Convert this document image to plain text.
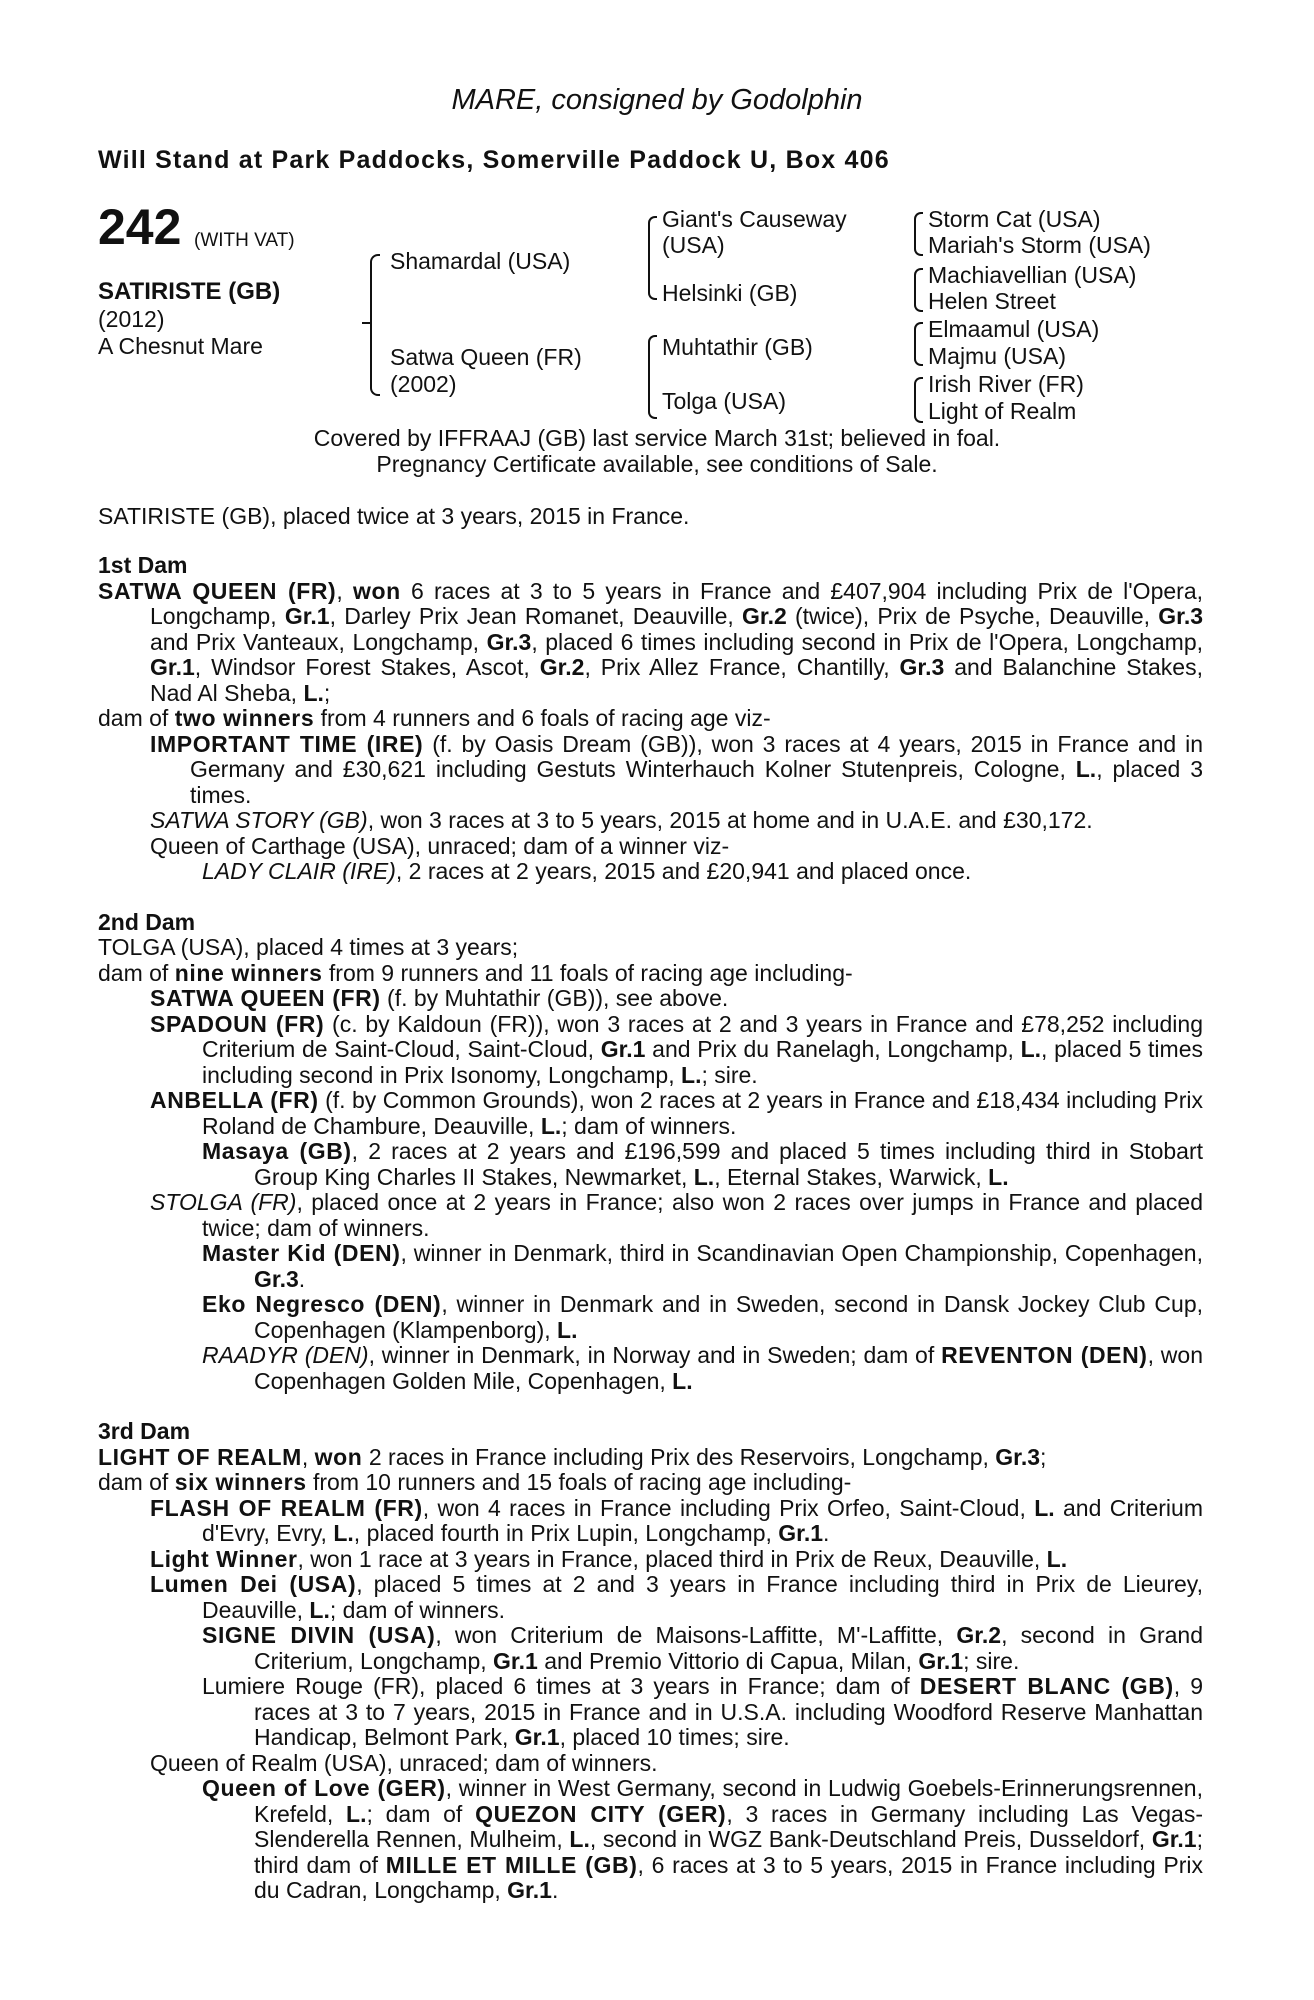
MARE, consigned by Godolphin
Will Stand at Park Paddocks, Somerville Paddock U, Box 406
242 (WITH VAT)
SATIRISTE (GB)
(2012)
A Chesnut Mare
Shamardal (USA)
Satwa Queen (FR)
(2002)
Giant's Causeway
(USA)
Helsinki (GB)
Muhtathir (GB)
Tolga (USA)
Storm Cat (USA)
Mariah's Storm (USA)
Machiavellian (USA)
Helen Street
Elmaamul (USA)
Majmu (USA)
Irish River (FR)
Light of Realm
Covered by IFFRAAJ (GB) last service March 31st; believed in foal.
Pregnancy Certificate available, see conditions of Sale.
SATIRISTE (GB), placed twice at 3 years, 2015 in France.
1st Dam

SATWA QUEEN (FR), won 6 races at 3 to 5 years in France and £407,904 including Prix de l'Opera, Longchamp, Gr.1, Darley Prix Jean Romanet, Deauville, Gr.2 (twice), Prix de Psyche, Deauville, Gr.3 and Prix Vanteaux, Longchamp, Gr.3, placed 6 times including second in Prix de l'Opera, Longchamp, Gr.1, Windsor Forest Stakes, Ascot, Gr.2, Prix Allez France, Chantilly, Gr.3 and Balanchine Stakes, Nad Al Sheba, L.;

dam of two winners from 4 runners and 6 foals of racing age viz-

IMPORTANT TIME (IRE) (f. by Oasis Dream (GB)), won 3 races at 4 years, 2015 in France and in Germany and £30,621 including Gestuts Winterhauch Kolner Stutenpreis, Cologne, L., placed 3 times.

SATWA STORY (GB), won 3 races at 3 to 5 years, 2015 at home and in U.A.E. and £30,172.

Queen of Carthage (USA), unraced; dam of a winner viz-

LADY CLAIR (IRE), 2 races at 2 years, 2015 and £20,941 and placed once.

2nd Dam

TOLGA (USA), placed 4 times at 3 years;

dam of nine winners from 9 runners and 11 foals of racing age including-

SATWA QUEEN (FR) (f. by Muhtathir (GB)), see above.

SPADOUN (FR) (c. by Kaldoun (FR)), won 3 races at 2 and 3 years in France and £78,252 including Criterium de Saint-Cloud, Saint-Cloud, Gr.1 and Prix du Ranelagh, Longchamp, L., placed 5 times including second in Prix Isonomy, Longchamp, L.; sire.

ANBELLA (FR) (f. by Common Grounds), won 2 races at 2 years in France and £18,434 including Prix Roland de Chambure, Deauville, L.; dam of winners.

Masaya (GB), 2 races at 2 years and £196,599 and placed 5 times including third in Stobart Group King Charles II Stakes, Newmarket, L., Eternal Stakes, Warwick, L.

STOLGA (FR), placed once at 2 years in France; also won 2 races over jumps in France and placed twice; dam of winners.

Master Kid (DEN), winner in Denmark, third in Scandinavian Open Championship, Copenhagen, Gr.3.

Eko Negresco (DEN), winner in Denmark and in Sweden, second in Dansk Jockey Club Cup, Copenhagen (Klampenborg), L.

RAADYR (DEN), winner in Denmark, in Norway and in Sweden; dam of REVENTON (DEN), won Copenhagen Golden Mile, Copenhagen, L.

3rd Dam

LIGHT OF REALM, won 2 races in France including Prix des Reservoirs, Longchamp, Gr.3;

dam of six winners from 10 runners and 15 foals of racing age including-

FLASH OF REALM (FR), won 4 races in France including Prix Orfeo, Saint-Cloud, L. and Criterium d'Evry, Evry, L., placed fourth in Prix Lupin, Longchamp, Gr.1.

Light Winner, won 1 race at 3 years in France, placed third in Prix de Reux, Deauville, L.

Lumen Dei (USA), placed 5 times at 2 and 3 years in France including third in Prix de Lieurey, Deauville, L.; dam of winners.

SIGNE DIVIN (USA), won Criterium de Maisons-Laffitte, M'-Laffitte, Gr.2, second in Grand Criterium, Longchamp, Gr.1 and Premio Vittorio di Capua, Milan, Gr.1; sire.

Lumiere Rouge (FR), placed 6 times at 3 years in France; dam of DESERT BLANC (GB), 9 races at 3 to 7 years, 2015 in France and in U.S.A. including Woodford Reserve Manhattan Handicap, Belmont Park, Gr.1, placed 10 times; sire.

Queen of Realm (USA), unraced; dam of winners.

Queen of Love (GER), winner in West Germany, second in Ludwig Goebels-Erinnerungsrennen, Krefeld, L.; dam of QUEZON CITY (GER), 3 races in Germany including Las Vegas-Slenderella Rennen, Mulheim, L., second in WGZ Bank-Deutschland Preis, Dusseldorf, Gr.1; third dam of MILLE ET MILLE (GB), 6 races at 3 to 5 years, 2015 in France including Prix du Cadran, Longchamp, Gr.1.
